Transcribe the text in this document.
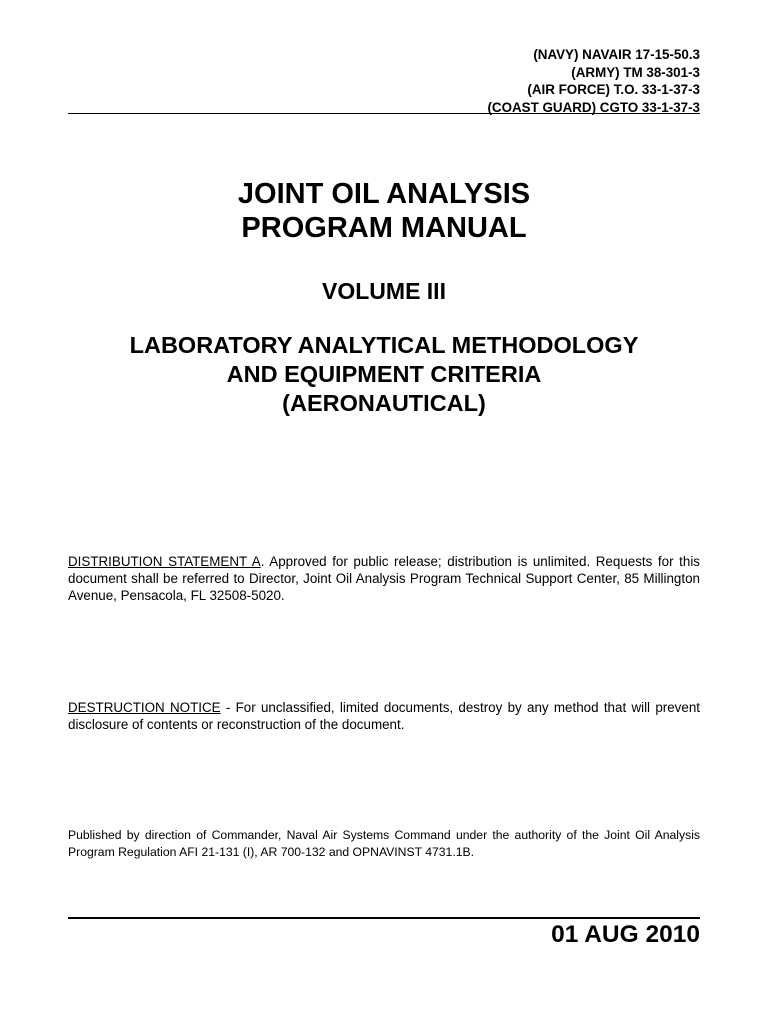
(NAVY) NAVAIR 17-15-50.3
(ARMY) TM 38-301-3
(AIR FORCE) T.O. 33-1-37-3
(COAST GUARD) CGTO 33-1-37-3
JOINT OIL ANALYSIS
PROGRAM MANUAL
VOLUME III
LABORATORY ANALYTICAL METHODOLOGY
AND EQUIPMENT CRITERIA
(AERONAUTICAL)
DISTRIBUTION STATEMENT A. Approved for public release; distribution is unlimited. Requests for this document shall be referred to Director, Joint Oil Analysis Program Technical Support Center, 85 Millington Avenue, Pensacola, FL 32508-5020.
DESTRUCTION NOTICE - For unclassified, limited documents, destroy by any method that will prevent disclosure of contents or reconstruction of the document.
Published by direction of Commander, Naval Air Systems Command under the authority of the Joint Oil Analysis Program Regulation AFI 21-131 (I), AR 700-132 and OPNAVINST 4731.1B.
01 AUG 2010
